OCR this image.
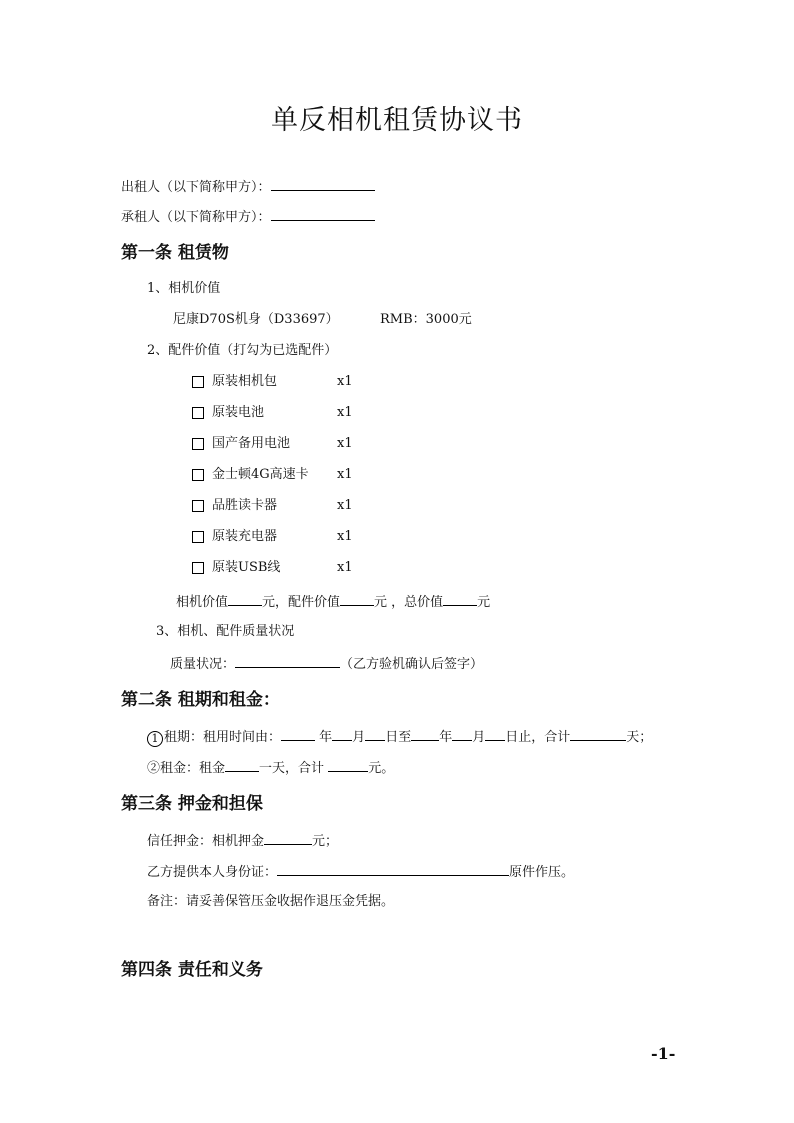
单反相机租赁协议书
出租人（以下简称甲方）：
承租人（以下简称甲方）：
第一条 租赁物
1、相机价值
尼康D70S机身（D33697）	RMB：3000元
2、配件价值（打勾为已选配件）
原装相机包	x1
原装电池	x1
国产备用电池	x1
金士顿4G高速卡 x1
品胜读卡器	x1
原装充电器	x1
原装USB线	x1
相机价值	元，配件价值	元 ，总价值	元
3、相机、配件质量状况
质量状况：	（乙方验机确认后签字）
第二条 租期和租金：
1 租期：租用时间由：	年 月 日至 年 月 日止，合计	天；
②租金：租金	一天，合计	元。
第三条 押金和担保
信任押金：相机押金	元；
乙方提供本人身份证：	原件作压。
备注：请妥善保管压金收据作退压金凭据。
第四条 责任和义务
-1-
